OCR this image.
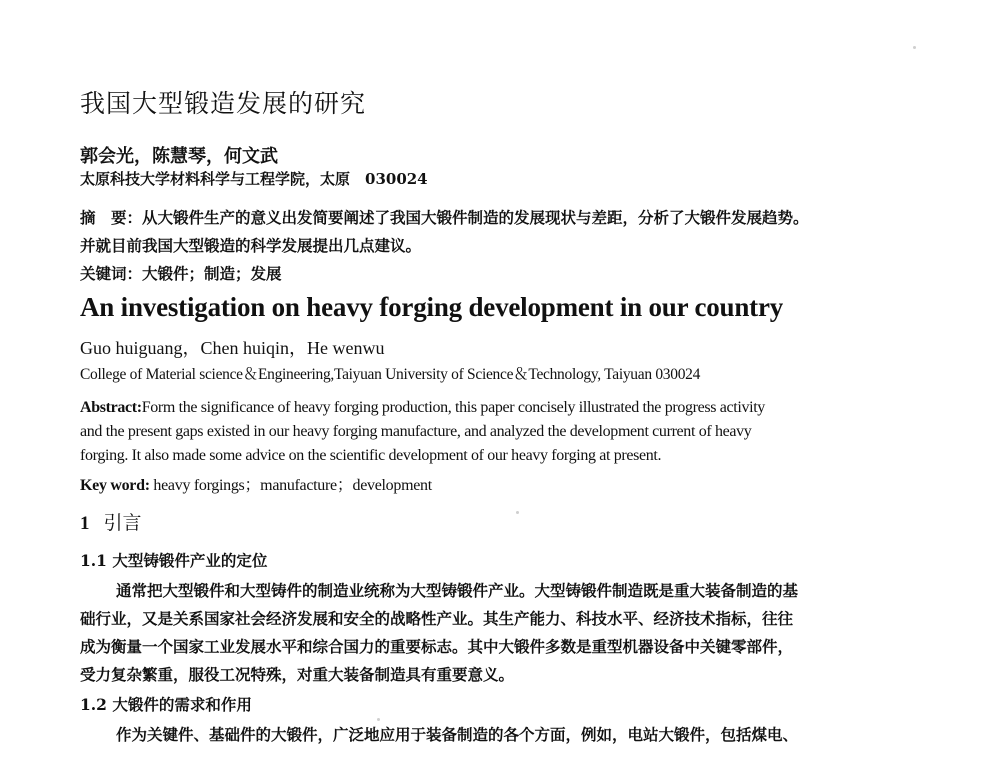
我国大型锻造发展的研究
郭会光，陈慧琴，何文武
太原科技大学材料科学与工程学院，太原　030024
摘　要：从大锻件生产的意义出发简要阐述了我国大锻件制造的发展现状与差距，分析了大锻件发展趋势。
并就目前我国大型锻造的科学发展提出几点建议。
关键词：大锻件；制造；发展
An investigation on heavy forging development in our country
Guo huiguang，Chen huiqin，He wenwu
College of Material science＆Engineering,Taiyuan University of Science＆Technology, Taiyuan 030024
Abstract:Form the significance of heavy forging production, this paper concisely illustrated the progress activity
and the present gaps existed in our heavy forging manufacture, and analyzed the development current of heavy
forging. It also made some advice on the scientific development of our heavy forging at present.
Key word: heavy forgings；manufacture；development
1 引言
1.1 大型铸锻件产业的定位
通常把大型锻件和大型铸件的制造业统称为大型铸锻件产业。大型铸锻件制造既是重大装备制造的基
础行业，又是关系国家社会经济发展和安全的战略性产业。其生产能力、科技水平、经济技术指标，往往
成为衡量一个国家工业发展水平和综合国力的重要标志。其中大锻件多数是重型机器设备中关键零部件，
受力复杂繁重，服役工况特殊，对重大装备制造具有重要意义。
1.2 大锻件的需求和作用
作为关键件、基础件的大锻件，广泛地应用于装备制造的各个方面，例如，电站大锻件，包括煤电、
